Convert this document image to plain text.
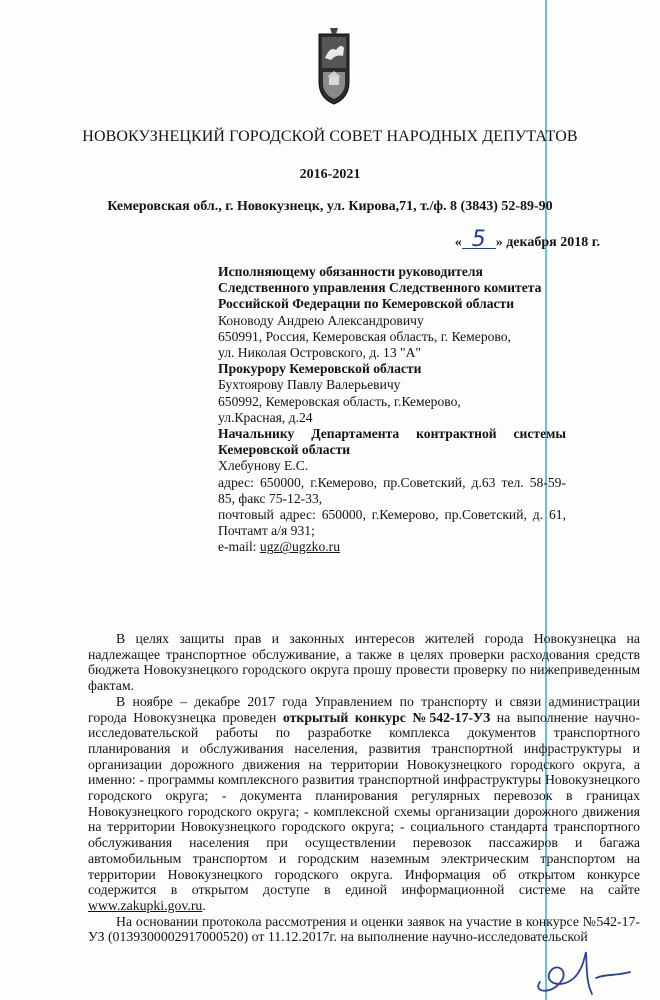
НОВОКУЗНЕЦКИЙ ГОРОДСКОЙ СОВЕТ НАРОДНЫХ ДЕПУТАТОВ
2016-2021
Кемеровская обл., г. Новокузнецк, ул. Кирова,71, т./ф. 8 (3843) 52-89-90
« 5 » декабря 2018 г.
Исполняющему обязанности руководителя Следственного управления Следственного комитета Российской Федерации по Кемеровской области
Коноводу Андрею Александровичу
650991, Россия, Кемеровская область, г. Кемерово,
ул. Николая Островского, д. 13 "А"
Прокурору Кемеровской области
Бухтоярову Павлу Валерьевичу
650992, Кемеровская область, г.Кемерово,
ул.Красная, д.24
Начальнику Департамента контрактной системы Кемеровской области
Хлебунову Е.С.
адрес: 650000, г.Кемерово, пр.Советский, д.63 тел. 58-59-85, факс 75-12-33,
почтовый адрес: 650000, г.Кемерово, пр.Советский, д. 61, Почтамт а/я 931;
e-mail: ugz@ugzko.ru

В целях защиты прав и законных интересов жителей города Новокузнецка на надлежащее транспортное обслуживание, а также в целях проверки расходования средств бюджета Новокузнецкого городского округа прошу провести проверку по нижеприведенным фактам.

В ноябре – декабре 2017 года Управлением по транспорту и связи администрации города Новокузнецка проведен открытый конкурс №542-17-УЗ на выполнение научно-исследовательской работы по разработке комплекса документов транспортного планирования и обслуживания населения, развития транспортной инфраструктуры и организации дорожного движения на территории Новокузнецкого городского округа, а именно: - программы комплексного развития транспортной инфраструктуры Новокузнецкого городского округа; - документа планирования регулярных перевозок в границах Новокузнецкого городского округа; - комплексной схемы организации дорожного движения на территории Новокузнецкого городского округа; - социального стандарта транспортного обслуживания населения при осуществлении перевозок пассажиров и багажа автомобильным транспортом и городским наземным электрическим транспортом на территории Новокузнецкого городского округа. Информация об открытом конкурсе содержится в открытом доступе в единой информационной системе на сайте www.zakupki.gov.ru.

На основании протокола рассмотрения и оценки заявок на участие в конкурсе №542-17-УЗ (0139300002917000520) от 11.12.2017г. на выполнение научно-исследовательской
